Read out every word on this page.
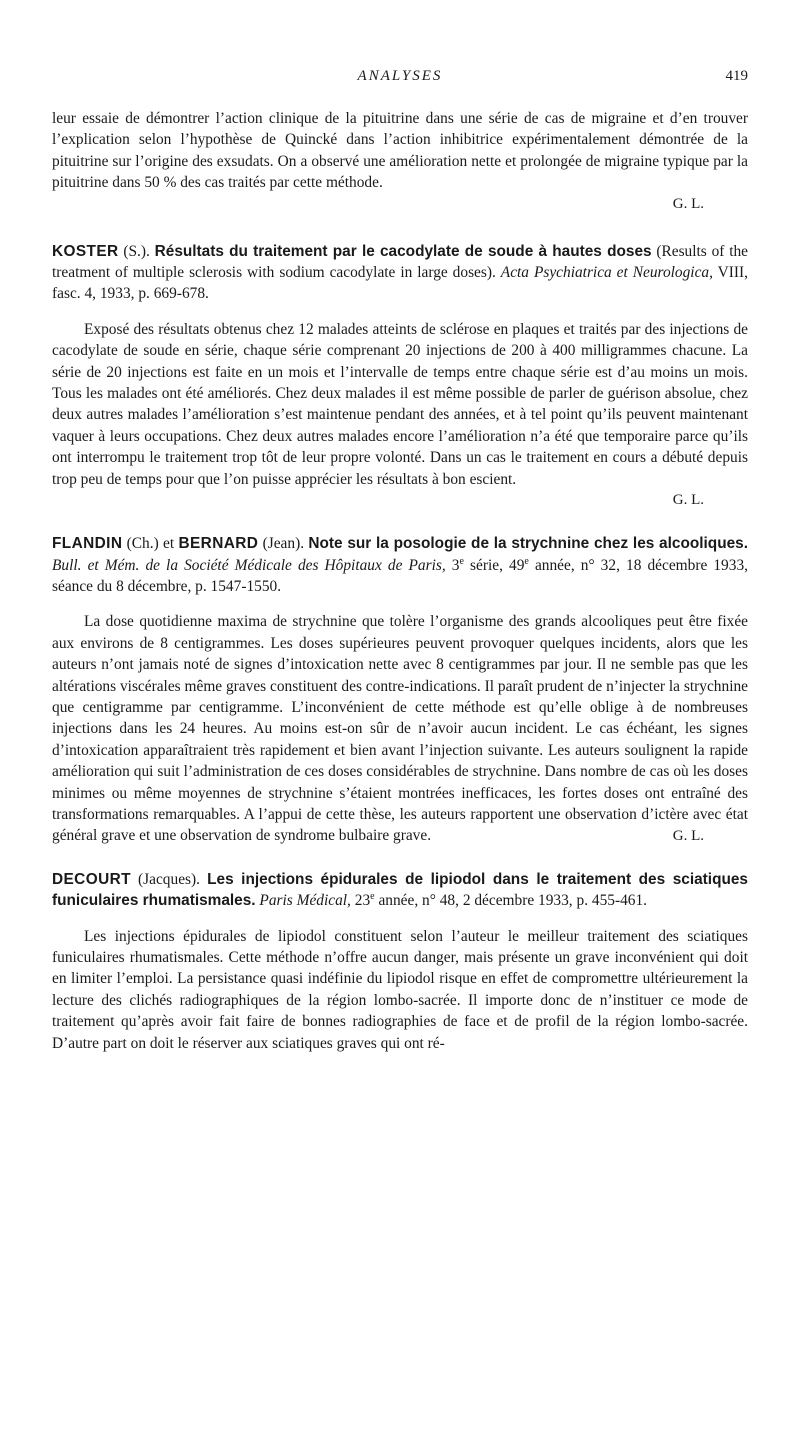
ANALYSES	419

leur essaie de démontrer l’action clinique de la pituitrine dans une série de cas de migraine et d’en trouver l’explication selon l’hypothèse de Quincké dans l’action inhibitrice expérimentalement démontrée de la pituitrine sur l’origine des exsudats. On a observé une amélioration nette et prolongée de migraine typique par la pituitrine dans 50 % des cas traités par cette méthode.

G. L.

KOSTER (S.). Résultats du traitement par le cacodylate de soude à hautes doses (Results of the treatment of multiple sclerosis with sodium cacodylate in large doses). Acta Psychiatrica et Neurologica, VIII, fasc. 4, 1933, p. 669-678.

Exposé des résultats obtenus chez 12 malades atteints de sclérose en plaques et traités par des injections de cacodylate de soude en série, chaque série comprenant 20 injections de 200 à 400 milligrammes chacune. La série de 20 injections est faite en un mois et l’intervalle de temps entre chaque série est d’au moins un mois. Tous les malades ont été améliorés. Chez deux malades il est même possible de parler de guérison absolue, chez deux autres malades l’amélioration s’est maintenue pendant des années, et à tel point qu’ils peuvent maintenant vaquer à leurs occupations. Chez deux autres malades encore l’amélioration n’a été que temporaire parce qu’ils ont interrompu le traitement trop tôt de leur propre volonté. Dans un cas le traitement en cours a débuté depuis trop peu de temps pour que l’on puisse apprécier les résultats à bon escient.

G. L.

FLANDIN (Ch.) et BERNARD (Jean). Note sur la posologie de la strychnine chez les alcooliques. Bull. et Mém. de la Société Médicale des Hôpitaux de Paris, 3e série, 49e année, n° 32, 18 décembre 1933, séance du 8 décembre, p. 1547-1550.

La dose quotidienne maxima de strychnine que tolère l’organisme des grands alcooliques peut être fixée aux environs de 8 centigrammes. Les doses supérieures peuvent provoquer quelques incidents, alors que les auteurs n’ont jamais noté de signes d’intoxication nette avec 8 centigrammes par jour. Il ne semble pas que les altérations viscérales même graves constituent des contre-indications. Il paraît prudent de n’injecter la strychnine que centigramme par centigramme. L’inconvénient de cette méthode est qu’elle oblige à de nombreuses injections dans les 24 heures. Au moins est-on sûr de n’avoir aucun incident. Le cas échéant, les signes d’intoxication apparaîtraient très rapidement et bien avant l’injection suivante. Les auteurs soulignent la rapide amélioration qui suit l’administration de ces doses considérables de strychnine. Dans nombre de cas où les doses minimes ou même moyennes de strychnine s’étaient montrées inefficaces, les fortes doses ont entraîné des transformations remarquables. A l’appui de cette thèse, les auteurs rapportent une observation d’ictère avec état général grave et une observation de syndrome bulbaire grave.	G. L.

DECOURT (Jacques). Les injections épidurales de lipiodol dans le traitement des sciatiques funiculaires rhumatismales. Paris Médical, 23e année, n° 48, 2 décembre 1933, p. 455-461.

Les injections épidurales de lipiodol constituent selon l’auteur le meilleur traitement des sciatiques funiculaires rhumatismales. Cette méthode n’offre aucun danger, mais présente un grave inconvénient qui doit en limiter l’emploi. La persistance quasi indéfinie du lipiodol risque en effet de compromettre ultérieurement la lecture des clichés radiographiques de la région lombo-sacrée. Il importe donc de n’instituer ce mode de traitement qu’après avoir fait faire de bonnes radiographies de face et de profil de la région lombo-sacrée. D’autre part on doit le réserver aux sciatiques graves qui ont ré-
